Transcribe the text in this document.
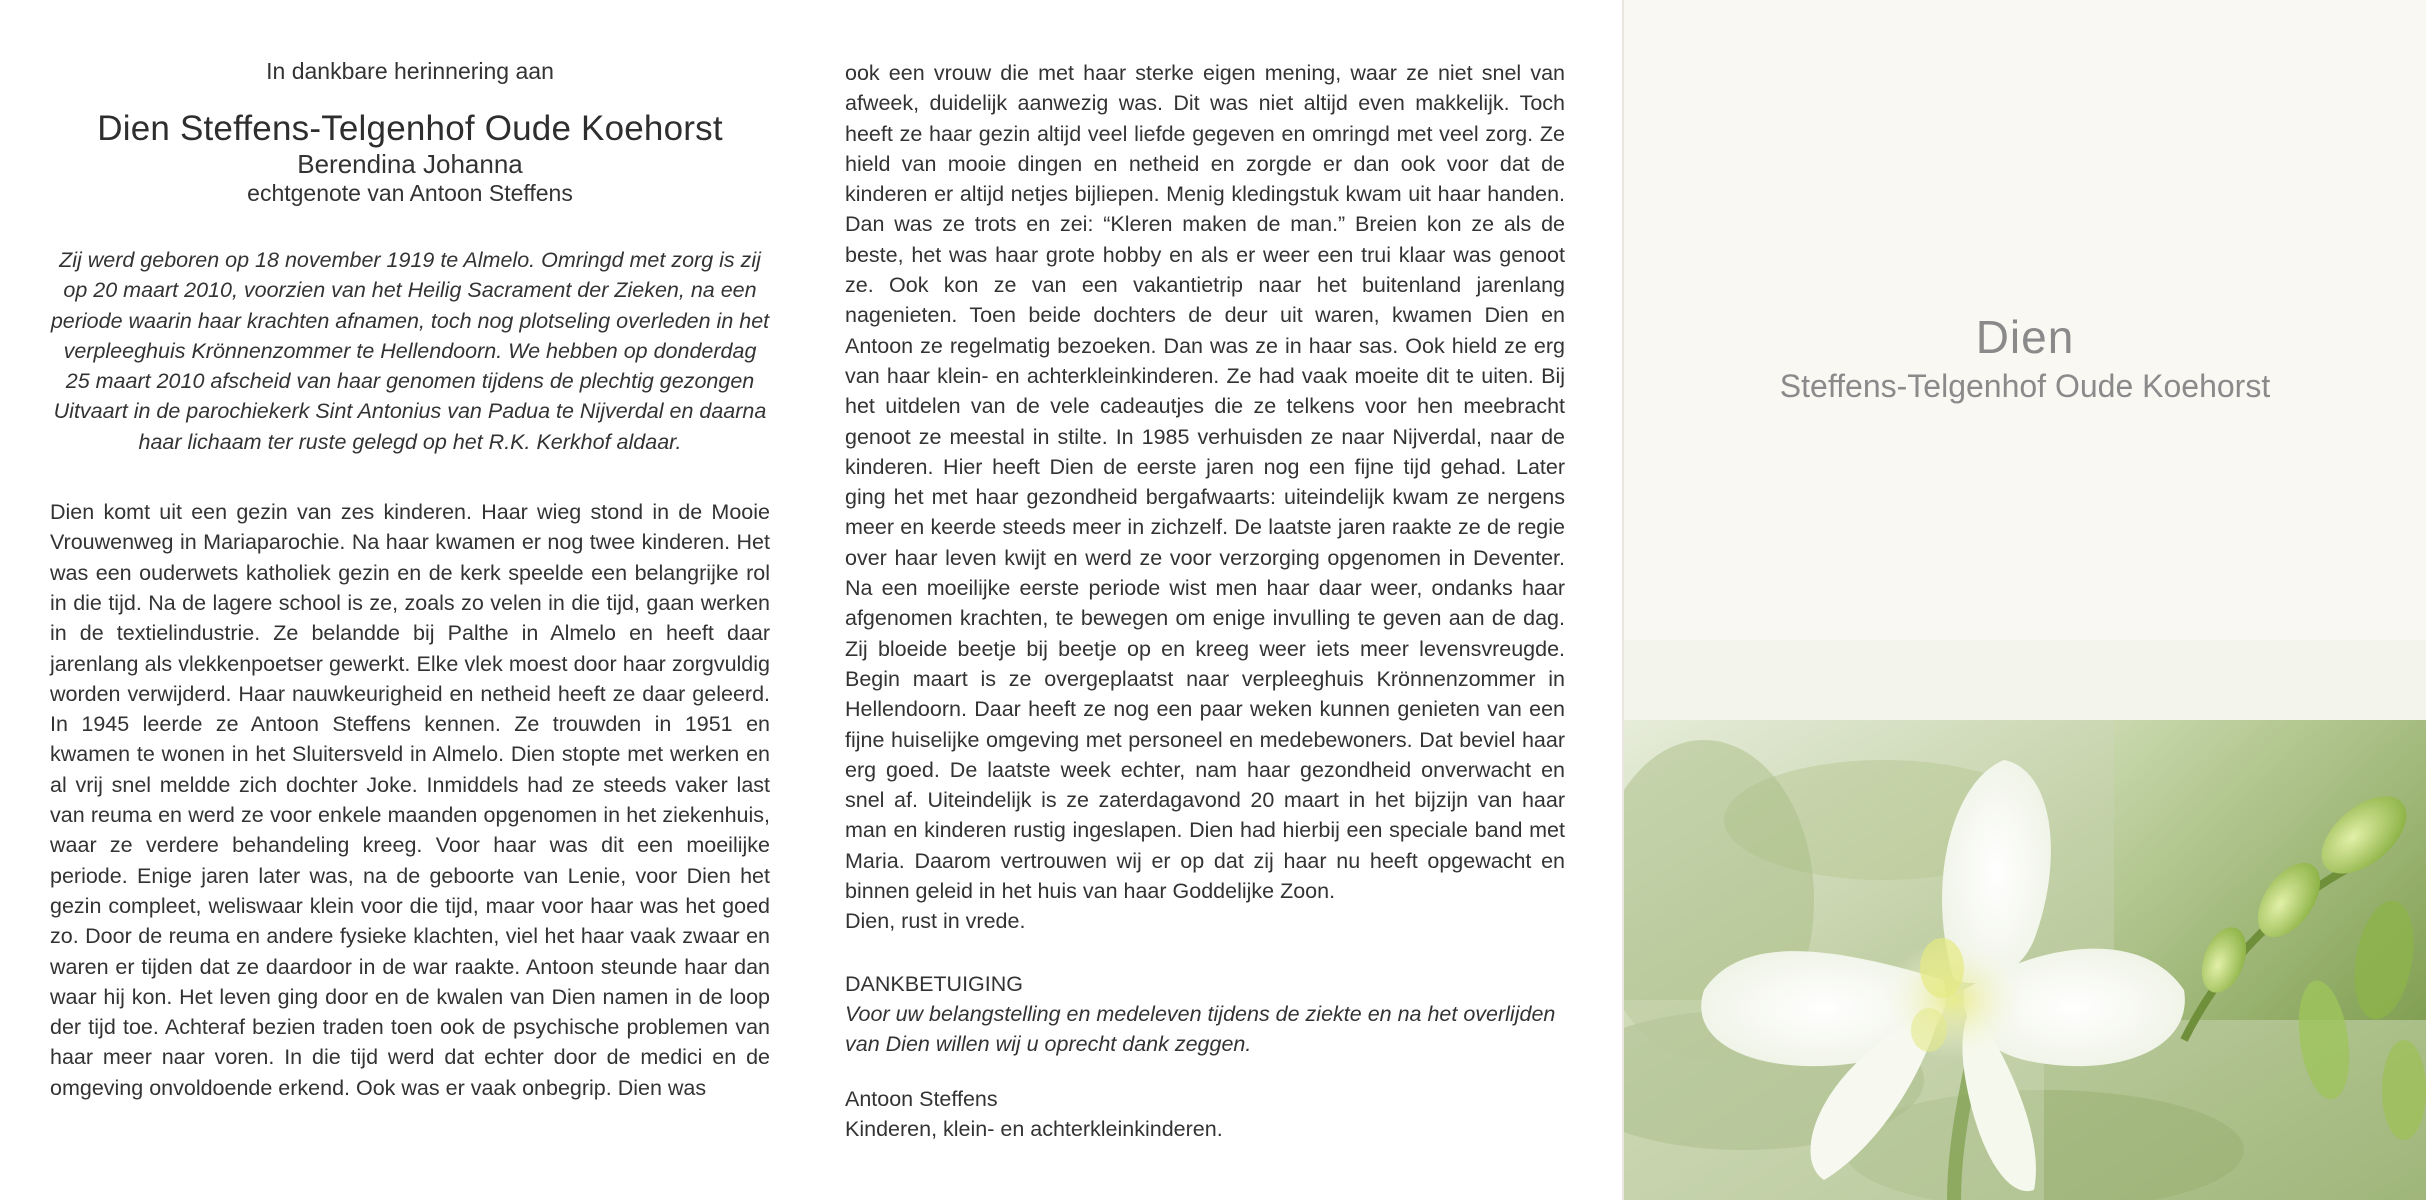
In dankbare herinnering aan

Dien Steffens-Telgenhof Oude Koehorst

Berendina Johanna

echtgenote van Antoon Steffens

Zij werd geboren op 18 november 1919 te Almelo. Omringd met zorg is zij op 20 maart 2010, voorzien van het Heilig Sacrament der Zieken, na een periode waarin haar krachten afnamen, toch nog plotseling overleden in het verpleeghuis Krönnenzommer te Hellendoorn. We hebben op donderdag 25 maart 2010 afscheid van haar genomen tijdens de plechtig gezongen Uitvaart in de parochiekerk Sint Antonius van Padua te Nijverdal en daarna haar lichaam ter ruste gelegd op het R.K. Kerkhof aldaar.

Dien komt uit een gezin van zes kinderen. Haar wieg stond in de Mooie Vrouwenweg in Mariaparochie. Na haar kwamen er nog twee kinderen. Het was een ouderwets katholiek gezin en de kerk speelde een belangrijke rol in die tijd. Na de lagere school is ze, zoals zo velen in die tijd, gaan werken in de textielindustrie. Ze belandde bij Palthe in Almelo en heeft daar jarenlang als vlekkenpoetser gewerkt. Elke vlek moest door haar zorgvuldig worden verwijderd. Haar nauwkeurigheid en netheid heeft ze daar geleerd. In 1945 leerde ze Antoon Steffens kennen. Ze trouwden in 1951 en kwamen te wonen in het Sluitersveld in Almelo. Dien stopte met werken en al vrij snel meldde zich dochter Joke. Inmiddels had ze steeds vaker last van reuma en werd ze voor enkele maanden opgenomen in het ziekenhuis, waar ze verdere behandeling kreeg. Voor haar was dit een moeilijke periode. Enige jaren later was, na de geboorte van Lenie, voor Dien het gezin compleet, weliswaar klein voor die tijd, maar voor haar was het goed zo. Door de reuma en andere fysieke klachten, viel het haar vaak zwaar en waren er tijden dat ze daardoor in de war raakte. Antoon steunde haar dan waar hij kon. Het leven ging door en de kwalen van Dien namen in de loop der tijd toe. Achteraf bezien traden toen ook de psychische problemen van haar meer naar voren. In die tijd werd dat echter door de medici en de omgeving onvoldoende erkend. Ook was er vaak onbegrip. Dien was

ook een vrouw die met haar sterke eigen mening, waar ze niet snel van afweek, duidelijk aanwezig was. Dit was niet altijd even makkelijk. Toch heeft ze haar gezin altijd veel liefde gegeven en omringd met veel zorg. Ze hield van mooie dingen en netheid en zorgde er dan ook voor dat de kinderen er altijd netjes bijliepen. Menig kledingstuk kwam uit haar handen. Dan was ze trots en zei: “Kleren maken de man.” Breien kon ze als de beste, het was haar grote hobby en als er weer een trui klaar was genoot ze. Ook kon ze van een vakantietrip naar het buitenland jarenlang nagenieten. Toen beide dochters de deur uit waren, kwamen Dien en Antoon ze regelmatig bezoeken. Dan was ze in haar sas. Ook hield ze erg van haar klein- en achterkleinkinderen. Ze had vaak moeite dit te uiten. Bij het uitdelen van de vele cadeautjes die ze telkens voor hen meebracht genoot ze meestal in stilte. In 1985 verhuisden ze naar Nijverdal, naar de kinderen. Hier heeft Dien de eerste jaren nog een fijne tijd gehad. Later ging het met haar gezondheid bergafwaarts: uiteindelijk kwam ze nergens meer en keerde steeds meer in zichzelf. De laatste jaren raakte ze de regie over haar leven kwijt en werd ze voor verzorging opgenomen in Deventer. Na een moeilijke eerste periode wist men haar daar weer, ondanks haar afgenomen krachten, te bewegen om enige invulling te geven aan de dag. Zij bloeide beetje bij beetje op en kreeg weer iets meer levensvreugde. Begin maart is ze overgeplaatst naar verpleeghuis Krönnenzommer in Hellendoorn. Daar heeft ze nog een paar weken kunnen genieten van een fijne huiselijke omgeving met personeel en medebewoners. Dat beviel haar erg goed. De laatste week echter, nam haar gezondheid onverwacht en snel af. Uiteindelijk is ze zaterdagavond 20 maart in het bijzijn van haar man en kinderen rustig ingeslapen. Dien had hierbij een speciale band met Maria. Daarom vertrouwen wij er op dat zij haar nu heeft opgewacht en binnen geleid in het huis van haar Goddelijke Zoon.

Dien, rust in vrede.

DANKBETUIGING

Voor uw belangstelling en medeleven tijdens de ziekte en na het overlijden van Dien willen wij u oprecht dank zeggen.

Antoon Steffens

Kinderen, klein- en achterkleinkinderen.

Dien
Steffens-Telgenhof Oude Koehorst
